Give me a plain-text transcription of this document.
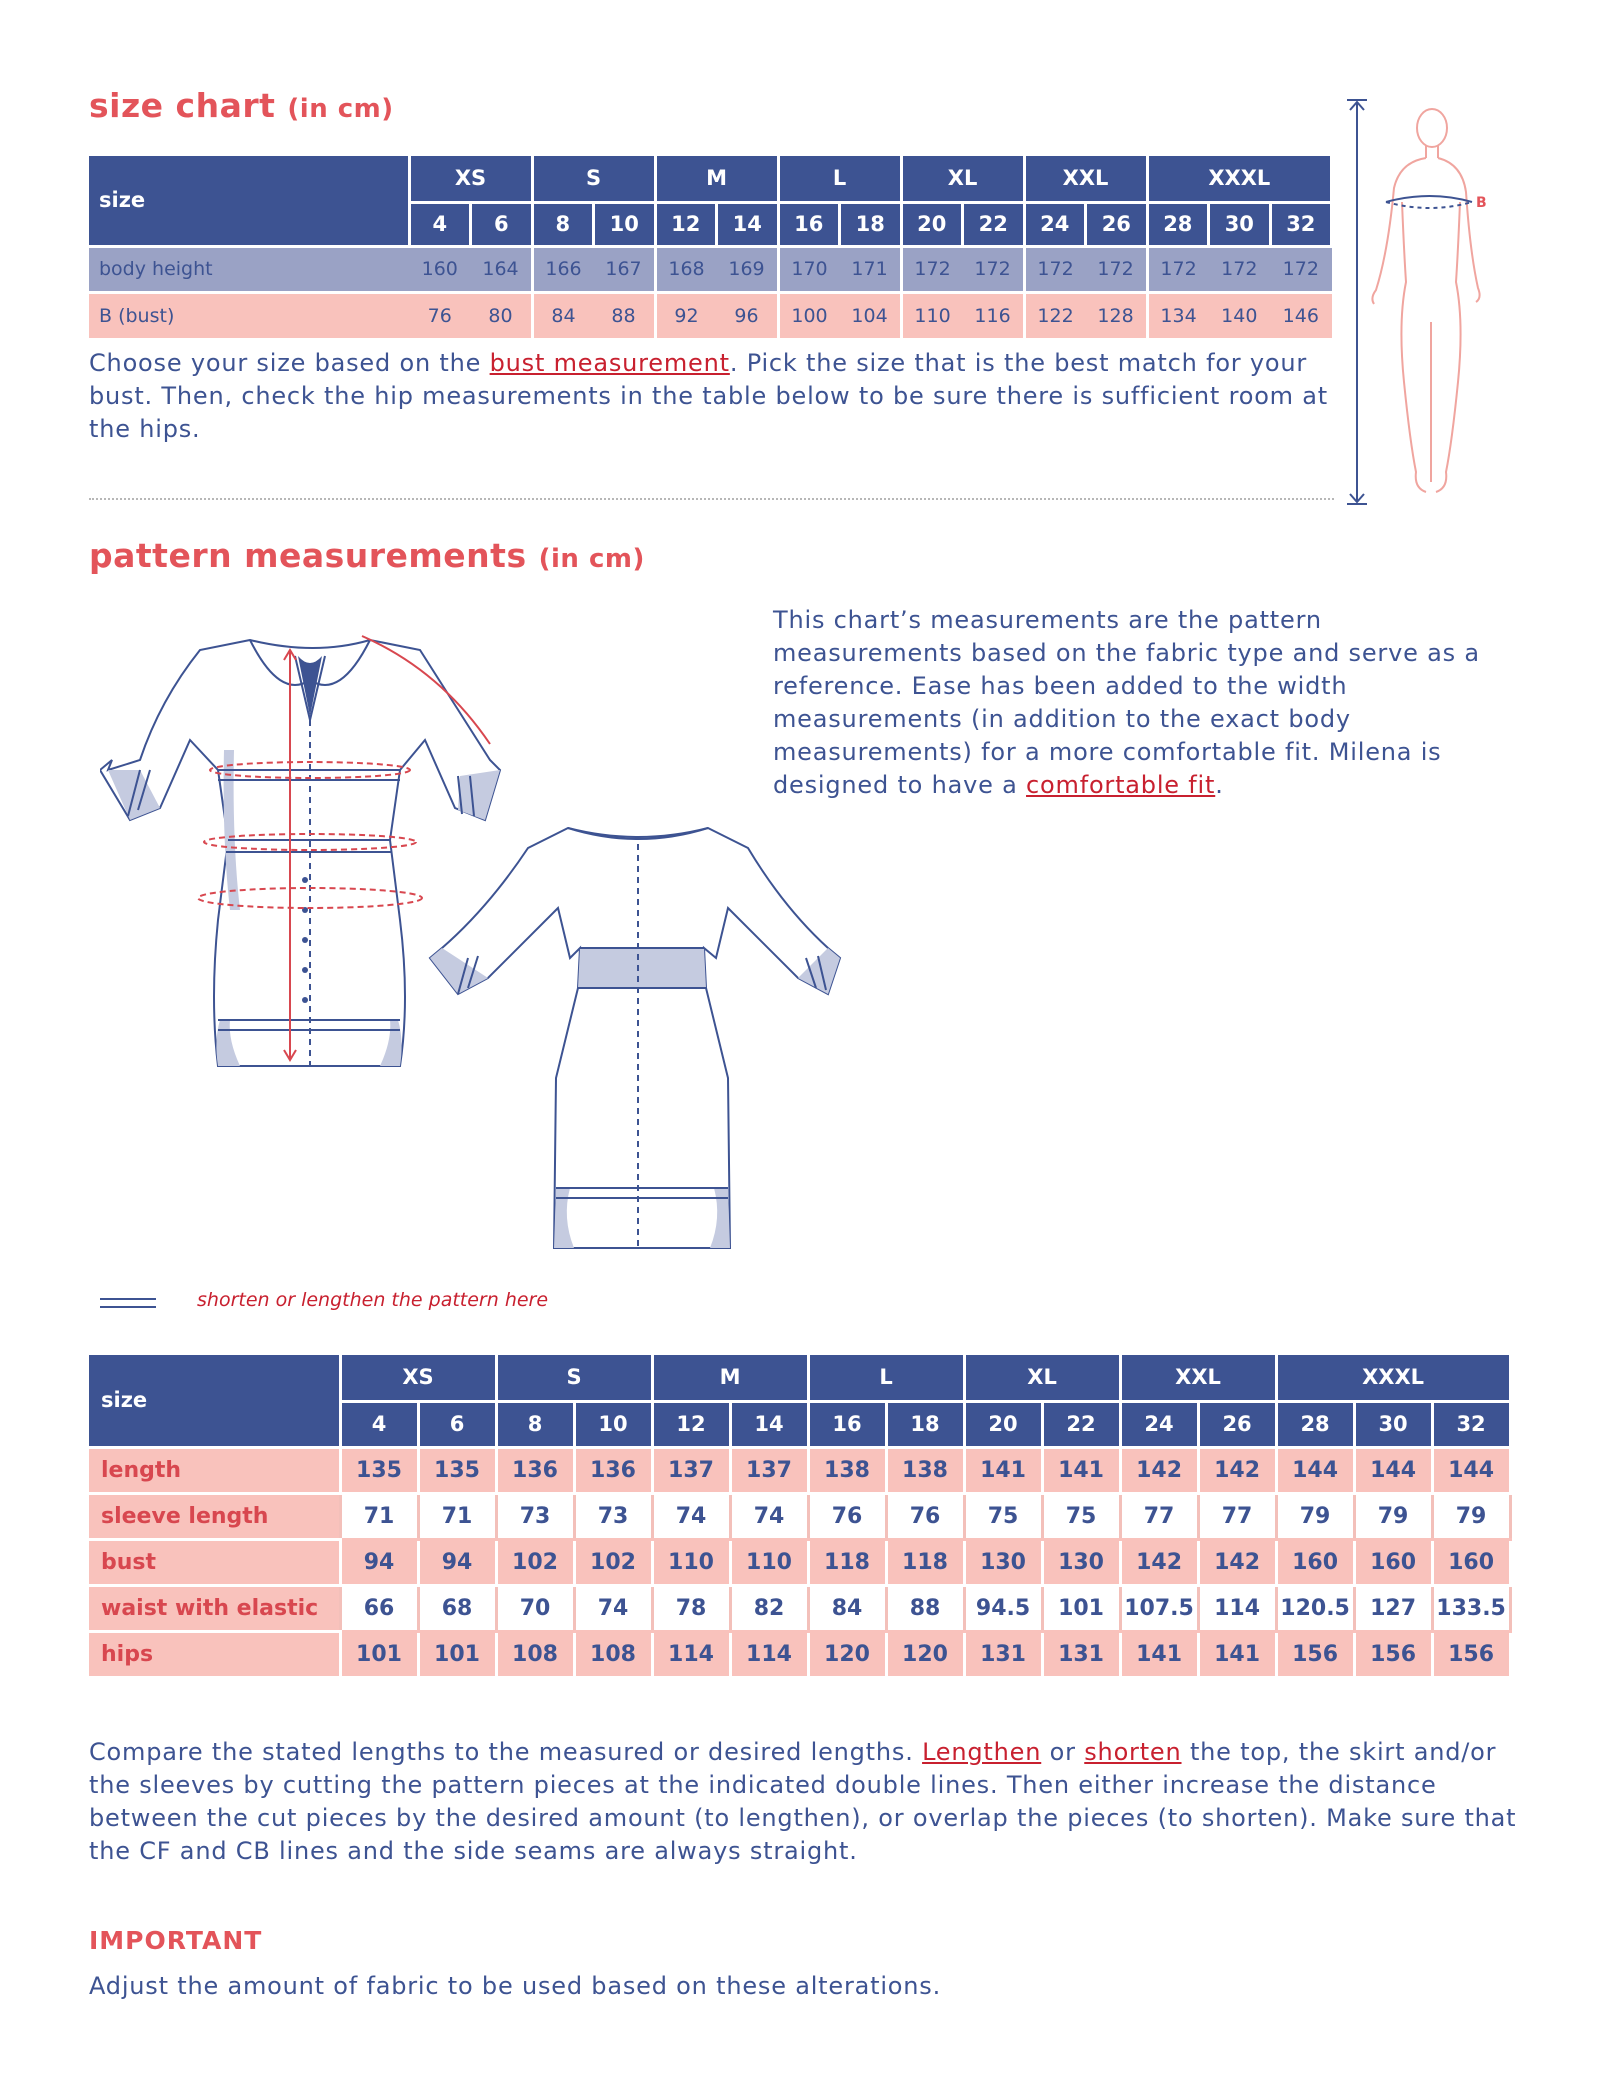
size chart (in cm)
size	XS		S		M		L		XL		XXL		XXXL		
	4	6	8	10	12	14	16	18	20	22	24	26	28	30	32
body height	160	164	166	167	168	169	170	171	172	172	172	172	172	172	172
B (bust)	76	80	84	88	92	96	100	104	110	116	122	128	134	140	146
Choose your size based on the bust measurement. Pick the size that is the best match for your bust. Then, check the hip measurements in the table below to be sure there is sufficient room at the hips.
B
pattern measurements (in cm)
This chart’s measurements are the pattern measurements based on the fabric type and serve as a reference. Ease has been added to the width measurements (in addition to the exact body measurements) for a more comfortable fit. Milena is designed to have a comfortable fit.
shorten or lengthen the pattern here
size	XS		S		M		L		XL		XXL		XXXL		
	4	6	8	10	12	14	16	18	20	22	24	26	28	30	32
length	135	135	136	136	137	137	138	138	141	141	142	142	144	144	144
sleeve length	71	71	73	73	74	74	76	76	75	75	77	77	79	79	79
bust	94	94	102	102	110	110	118	118	130	130	142	142	160	160	160
waist with elastic	66	68	70	74	78	82	84	88	94.5	101	107.5	114	120.5	127	133.5
hips	101	101	108	108	114	114	120	120	131	131	141	141	156	156	156
Compare the stated lengths to the measured or desired lengths. Lengthen or shorten the top, the skirt and/or the sleeves by cutting the pattern pieces at the indicated double lines. Then either increase the distance between the cut pieces by the desired amount (to lengthen), or overlap the pieces (to shorten). Make sure that the CF and CB lines and the side seams are always straight.
IMPORTANT
Adjust the amount of fabric to be used based on these alterations.
